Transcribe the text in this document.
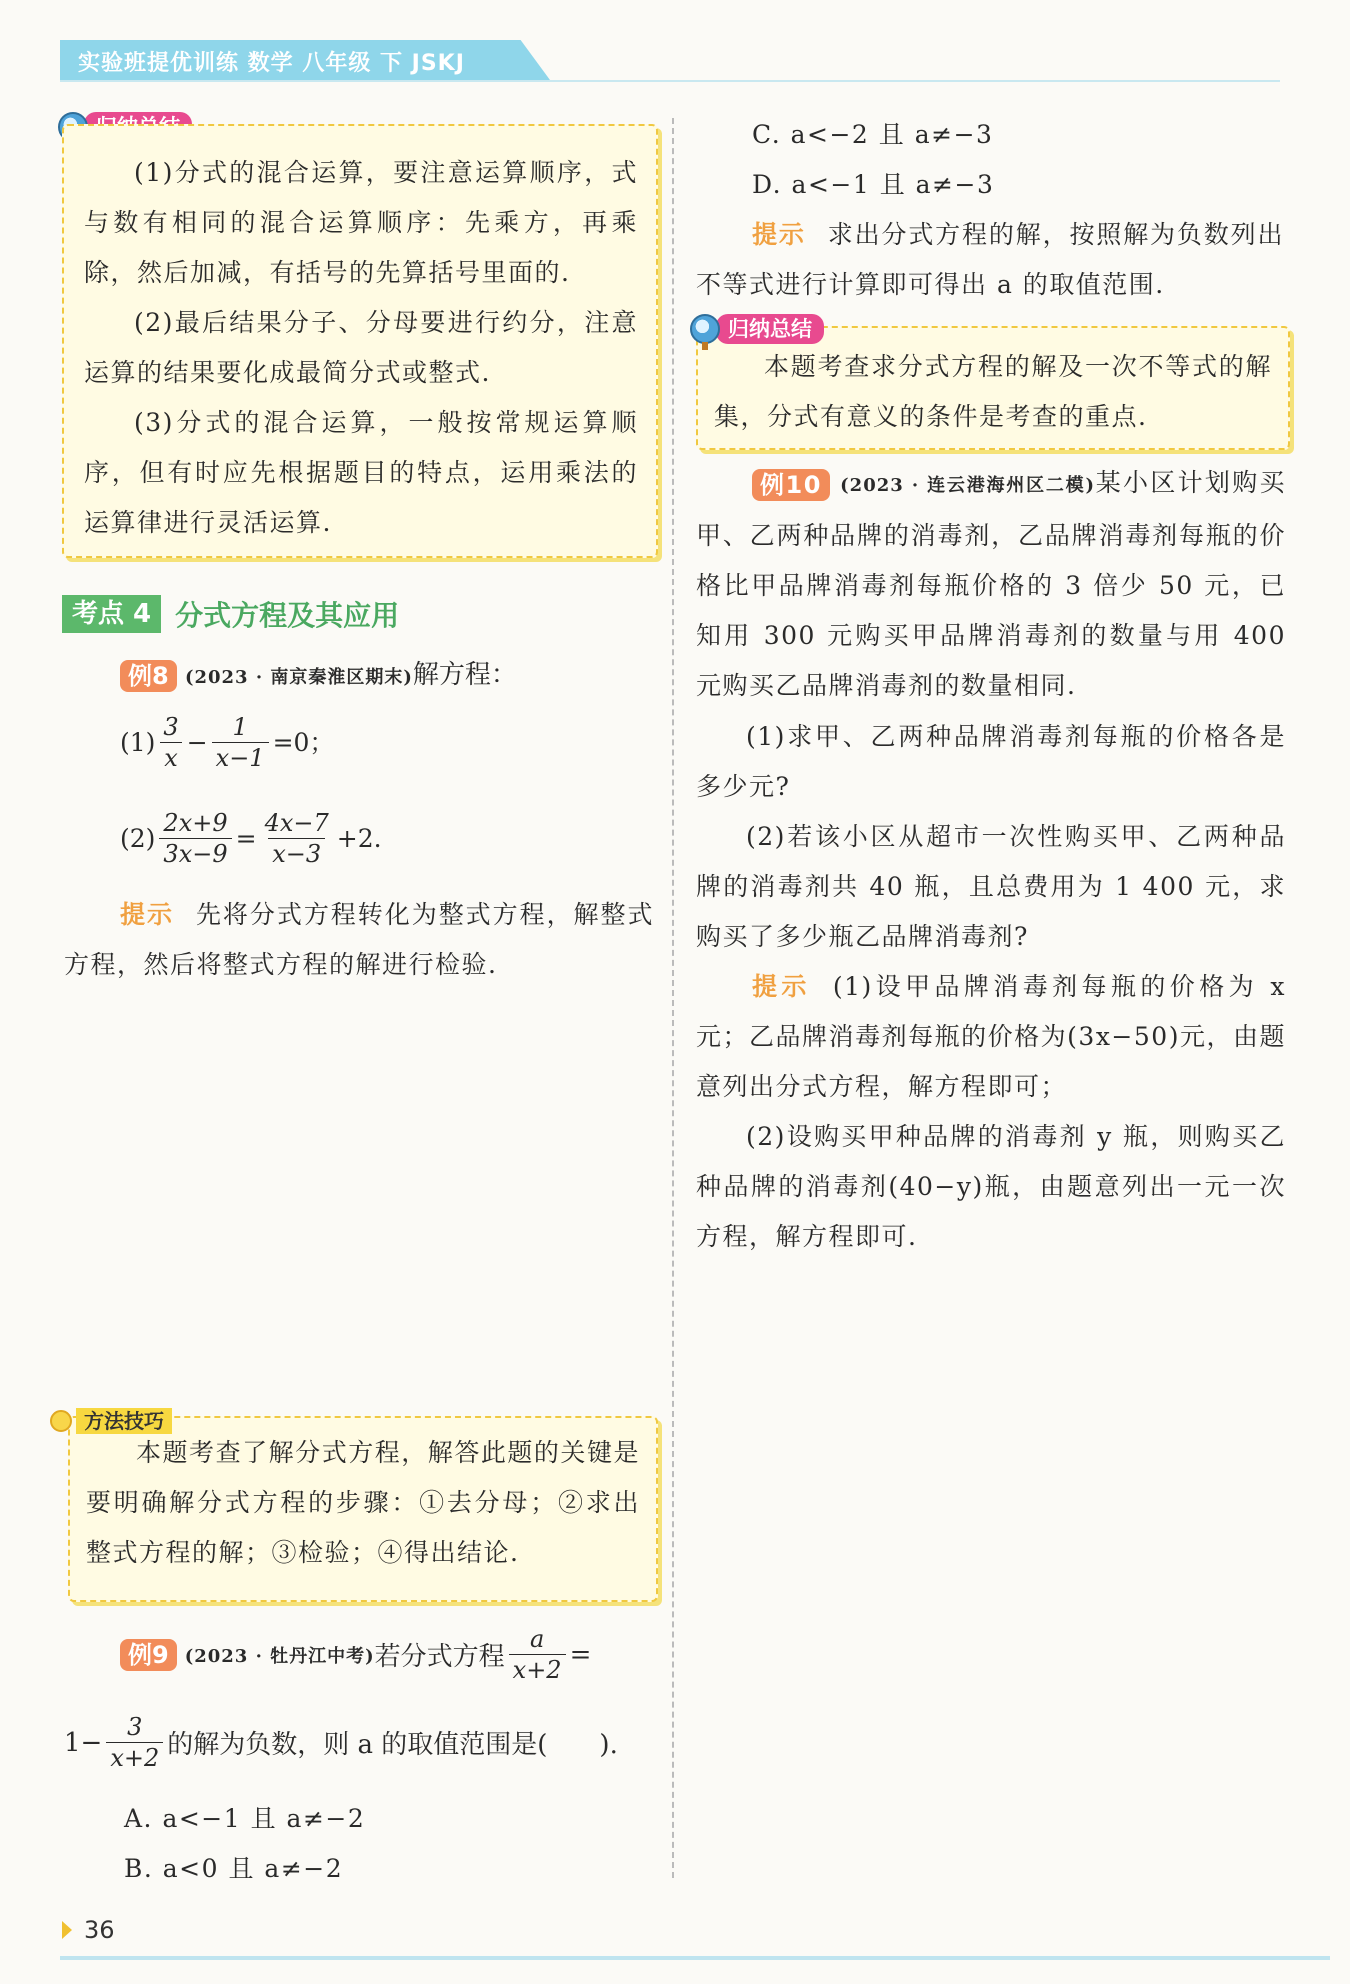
实验班提优训练 数学 八年级 下 JSKJ
(1)分式的混合运算，要注意运算顺序，式与数有相同的混合运算顺序：先乘方，再乘除，然后加减，有括号的先算括号里面的.
(2)最后结果分子、分母要进行约分，注意运算的结果要化成最简分式或整式.
(3)分式的混合运算，一般按常规运算顺序，但有时应先根据题目的特点，运用乘法的运算律进行灵活运算.
考点 4 分式方程及其应用
例8 (2023 · 南京秦淮区期末)解方程：
$(1) \frac{3}{x} - \frac{1}{x-1} =0$；
$(2) \frac{2x+9}{3x-9} = \frac{4x-7}{x-3} +2$.
提示 先将分式方程转化为整式方程，解整式方程，然后将整式方程的解进行检验.
本题考查了解分式方程，解答此题的关键是要明确解分式方程的步骤：①去分母；②求出整式方程的解；③检验；④得出结论.
方法技巧
例9 (2023 · 牡丹江中考) 若分式方程 $\frac{a}{x+2}$ =
$1- \frac{3}{x+2}$ 的解为负数，则 a 的取值范围是(　　).
A. a<−1 且 a≠−2
B. a<0 且 a≠−2
36
C. a<−2 且 a≠−3
D. a<−1 且 a≠−3
提示 求出分式方程的解，按照解为负数列出不等式进行计算即可得出 a 的取值范围.
本题考查求分式方程的解及一次不等式的解集，分式有意义的条件是考查的重点.
归纳总结
例10 (2023 · 连云港海州区二模)某小区计划购买甲、乙两种品牌的消毒剂，乙品牌消毒剂每瓶的价格比甲品牌消毒剂每瓶价格的 3 倍少 50 元，已知用 300 元购买甲品牌消毒剂的数量与用 400 元购买乙品牌消毒剂的数量相同.
(1)求甲、乙两种品牌消毒剂每瓶的价格各是多少元?
(2)若该小区从超市一次性购买甲、乙两种品牌的消毒剂共 40 瓶，且总费用为 1 400 元，求购买了多少瓶乙品牌消毒剂?
提示 (1)设甲品牌消毒剂每瓶的价格为 x 元；乙品牌消毒剂每瓶的价格为(3x−50)元，由题意列出分式方程，解方程即可；
(2)设购买甲种品牌的消毒剂 y 瓶，则购买乙种品牌的消毒剂(40−y)瓶，由题意列出一元一次方程，解方程即可.
